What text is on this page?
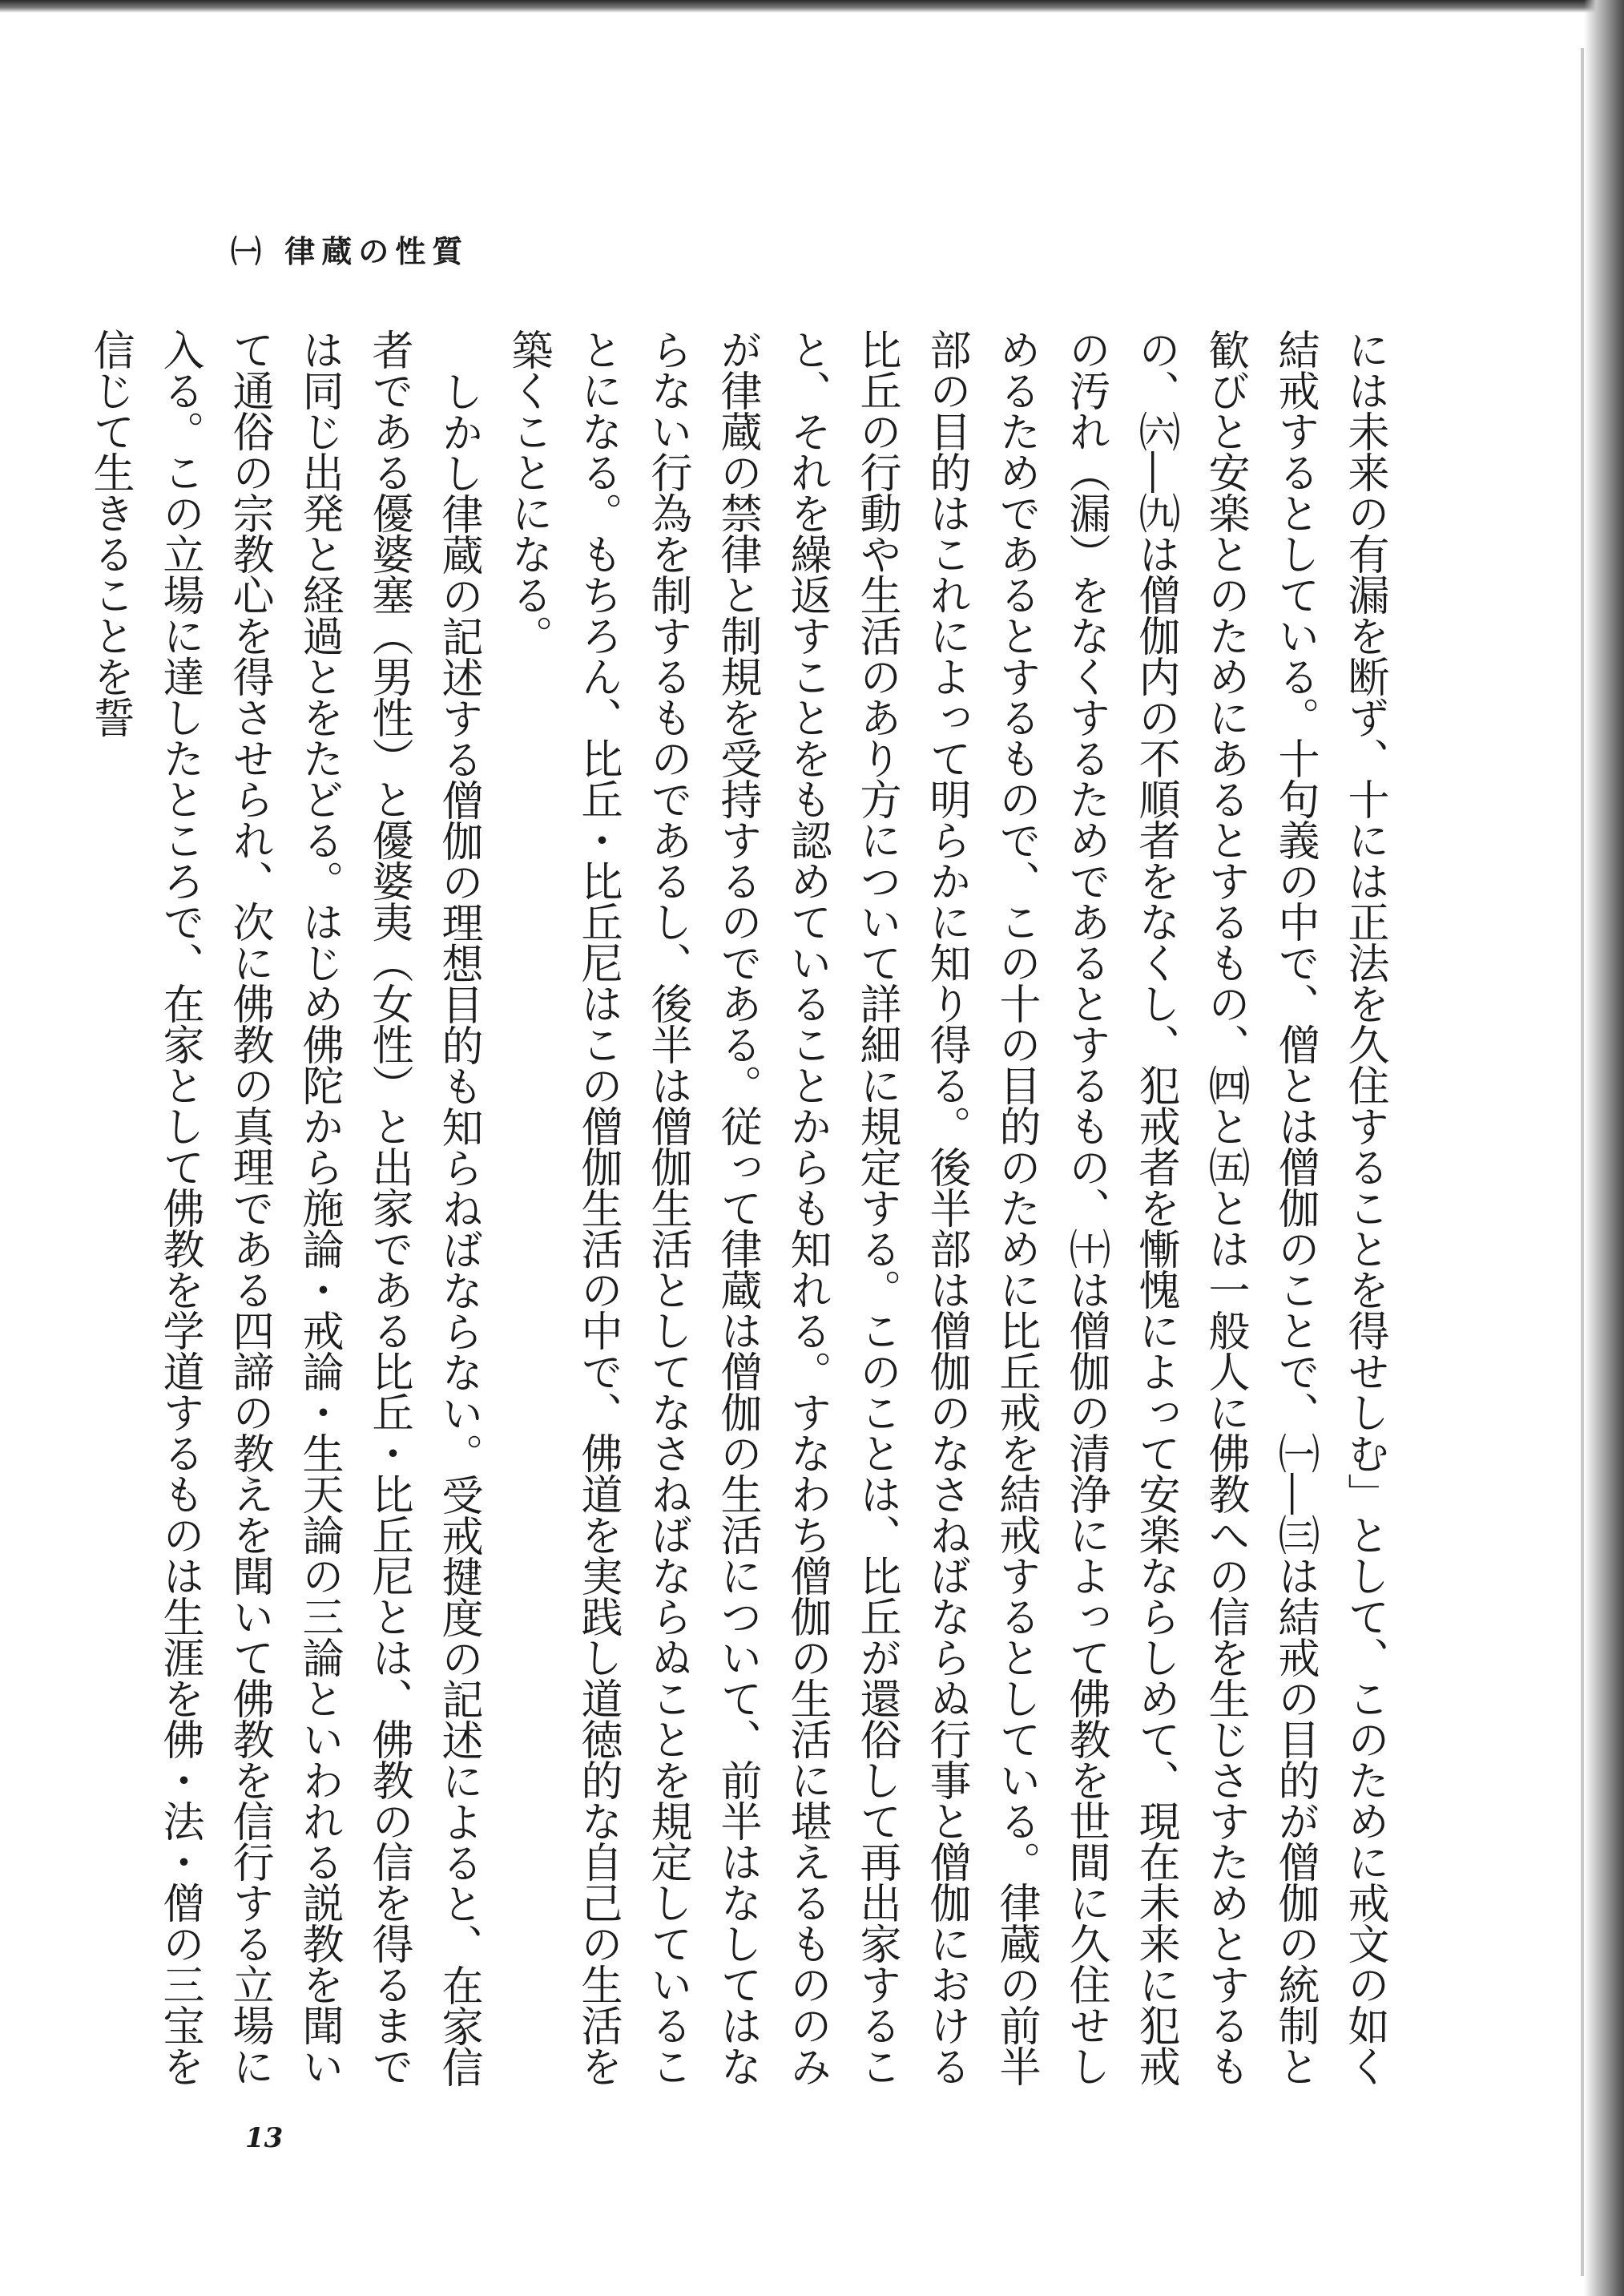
㈠ 律蔵の性質

には未来の有漏を断ず、十には正法を久住することを得せしむ」として、このために戒文の如く結戒するとしている。十句義の中で、僧とは僧伽のことで、㈠―㈢は結戒の目的が僧伽の統制と歓びと安楽とのためにあるとするもの、㈣と㈤とは一般人に佛教への信を生じさすためとするもの、㈥―㈨は僧伽内の不順者をなくし、犯戒者を慚愧によって安楽ならしめて、現在未来に犯戒の汚れ（漏）をなくするためであるとするもの、㈩は僧伽の清浄によって佛教を世間に久住せしめるためであるとするもので、この十の目的のために比丘戒を結戒するとしている。律蔵の前半部の目的はこれによって明らかに知り得る。後半部は僧伽のなさねばならぬ行事と僧伽における比丘の行動や生活のあり方について詳細に規定する。このことは、比丘が還俗して再出家すること、それを繰返すことをも認めていることからも知れる。すなわち僧伽の生活に堪えるもののみが律蔵の禁律と制規を受持するのである。従って律蔵は僧伽の生活について、前半はなしてはならない行為を制するものであるし、後半は僧伽生活としてなさねばならぬことを規定していることになる。もちろん、比丘・比丘尼はこの僧伽生活の中で、佛道を実践し道徳的な自己の生活を築くことになる。

しかし律蔵の記述する僧伽の理想目的も知らねばならない。受戒揵度の記述によると、在家信者である優婆塞（男性）と優婆夷（女性）と出家である比丘・比丘尼とは、佛教の信を得るまでは同じ出発と経過とをたどる。はじめ佛陀から施論・戒論・生天論の三論といわれる説教を聞いて通俗の宗教心を得させられ、次に佛教の真理である四諦の教えを聞いて佛教を信行する立場に入る。この立場に達したところで、在家として佛教を学道するものは生涯を佛・法・僧の三宝を信じて生きることを誓

13
